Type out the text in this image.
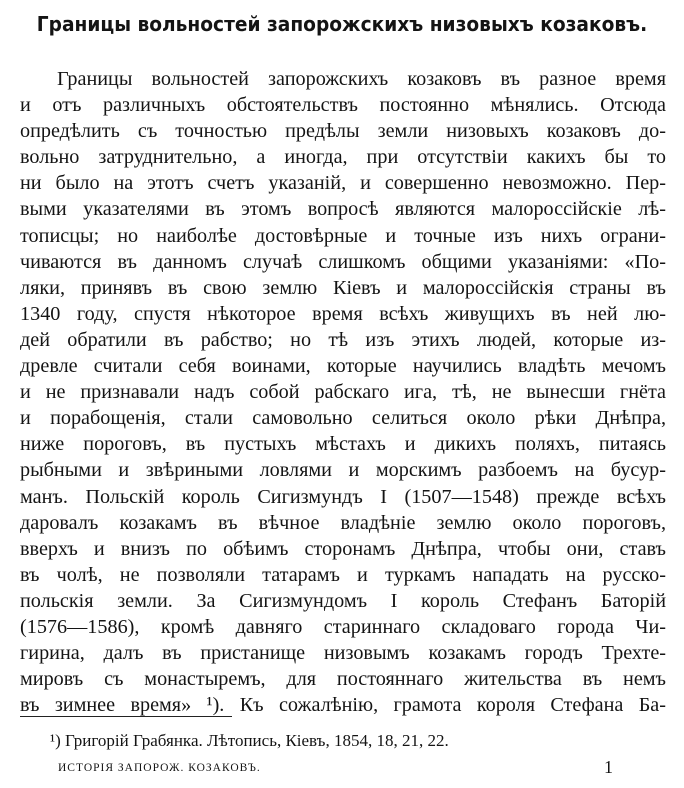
Границы вольностей запорожскихъ низовыхъ козаковъ.
Границы вольностей запорожскихъ козаковъ въ разное время
и отъ различныхъ обстоятельствъ постоянно мѣнялись. Отсюда
опредѣлить съ точностью предѣлы земли низовыхъ козаковъ до-
вольно затруднительно, а иногда, при отсутствіи какихъ бы то
ни было на этотъ счетъ указаній, и совершенно невозможно. Пер-
выми указателями въ этомъ вопросѣ являются малороссійскіе лѣ-
тописцы; но наиболѣе достовѣрные и точные изъ нихъ ограни-
чиваются въ данномъ случаѣ слишкомъ общими указаніями: «По-
ляки, принявъ въ свою землю Кіевъ и малороссійскія страны въ
1340 году, спустя нѣкоторое время всѣхъ живущихъ въ ней лю-
дей обратили въ рабство; но тѣ изъ этихъ людей, которые из-
древле считали себя воинами, которые научились владѣть мечомъ
и не признавали надъ собой рабскаго ига, тѣ, не вынесши гнёта
и порабощенія, стали самовольно селиться около рѣки Днѣпра,
ниже пороговъ, въ пустыхъ мѣстахъ и дикихъ поляхъ, питаясь
рыбными и звѣриными ловлями и морскимъ разбоемъ на бусур-
манъ. Польскій король Сигизмундъ I (1507—1548) прежде всѣхъ
даровалъ козакамъ въ вѣчное владѣніе землю около пороговъ,
вверхъ и внизъ по обѣимъ сторонамъ Днѣпра, чтобы они, ставъ
въ чолѣ, не позволяли татарамъ и туркамъ нападать на русско-
польскія земли. За Сигизмундомъ I король Стефанъ Баторій
(1576—1586), кромѣ давняго стариннаго складоваго города Чи-
гирина, далъ въ пристанище низовымъ козакамъ городъ Трехте-
мировъ съ монастыремъ, для постояннаго жительства въ немъ
въ зимнее время» ¹). Къ сожалѣнію, грамота короля Стефана Ба-
¹) Григорій Грабянка. Лѣтопись, Кіевъ, 1854, 18, 21, 22.
ИСТОРІЯ ЗАПОРОЖ. КОЗАКОВЪ.	1
